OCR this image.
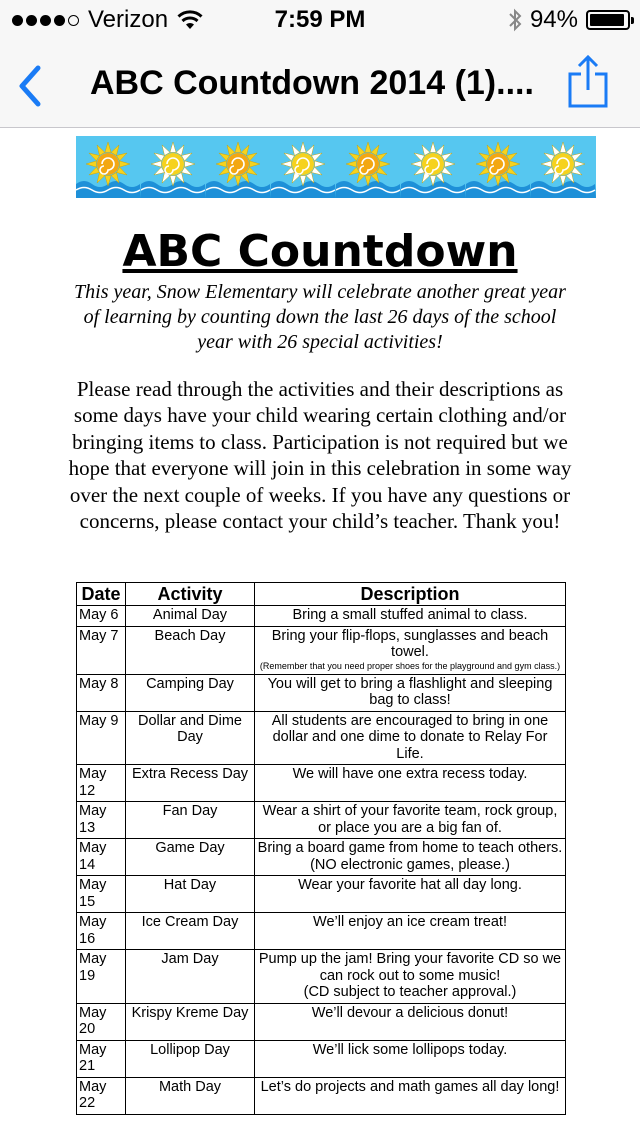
Verizon	7:59 PM	94%
ABC Countdown 2014 (1)....
ABC Countdown
This year, Snow Elementary will celebrate another great year of learning by counting down the last 26 days of the school year with 26 special activities!
Please read through the activities and their descriptions as some days have your child wearing certain clothing and/or bringing items to class. Participation is not required but we hope that everyone will join in this celebration in some way over the next couple of weeks. If you have any questions or concerns, please contact your child’s teacher. Thank you!
Date	Activity	Description
May 6	Animal Day	Bring a small stuffed animal to class.
May 7	Beach Day	Bring your flip-flops, sunglasses and beach towel.
(Remember that you need proper shoes for the playground and gym class.)

May 8	Camping Day	You will get to bring a flashlight and sleeping bag to class!
May 9	Dollar and Dime Day	All students are encouraged to bring in one dollar and one dime to donate to Relay For Life.
May 12	Extra Recess Day	We will have one extra recess today.
May 13	Fan Day	Wear a shirt of your favorite team, rock group, or place you are a big fan of.
May 14	Game Day	Bring a board game from home to teach others.
(NO electronic games, please.)

May 15	Hat Day	Wear your favorite hat all day long.
May 16	Ice Cream Day	We’ll enjoy an ice cream treat!
May 19	Jam Day	Pump up the jam! Bring your favorite CD so we can rock out to some music!
(CD subject to teacher approval.)

May 20	Krispy Kreme Day	We’ll devour a delicious donut!
May 21	Lollipop Day	We’ll lick some lollipops today.
May 22	Math Day	Let’s do projects and math games all day long!
